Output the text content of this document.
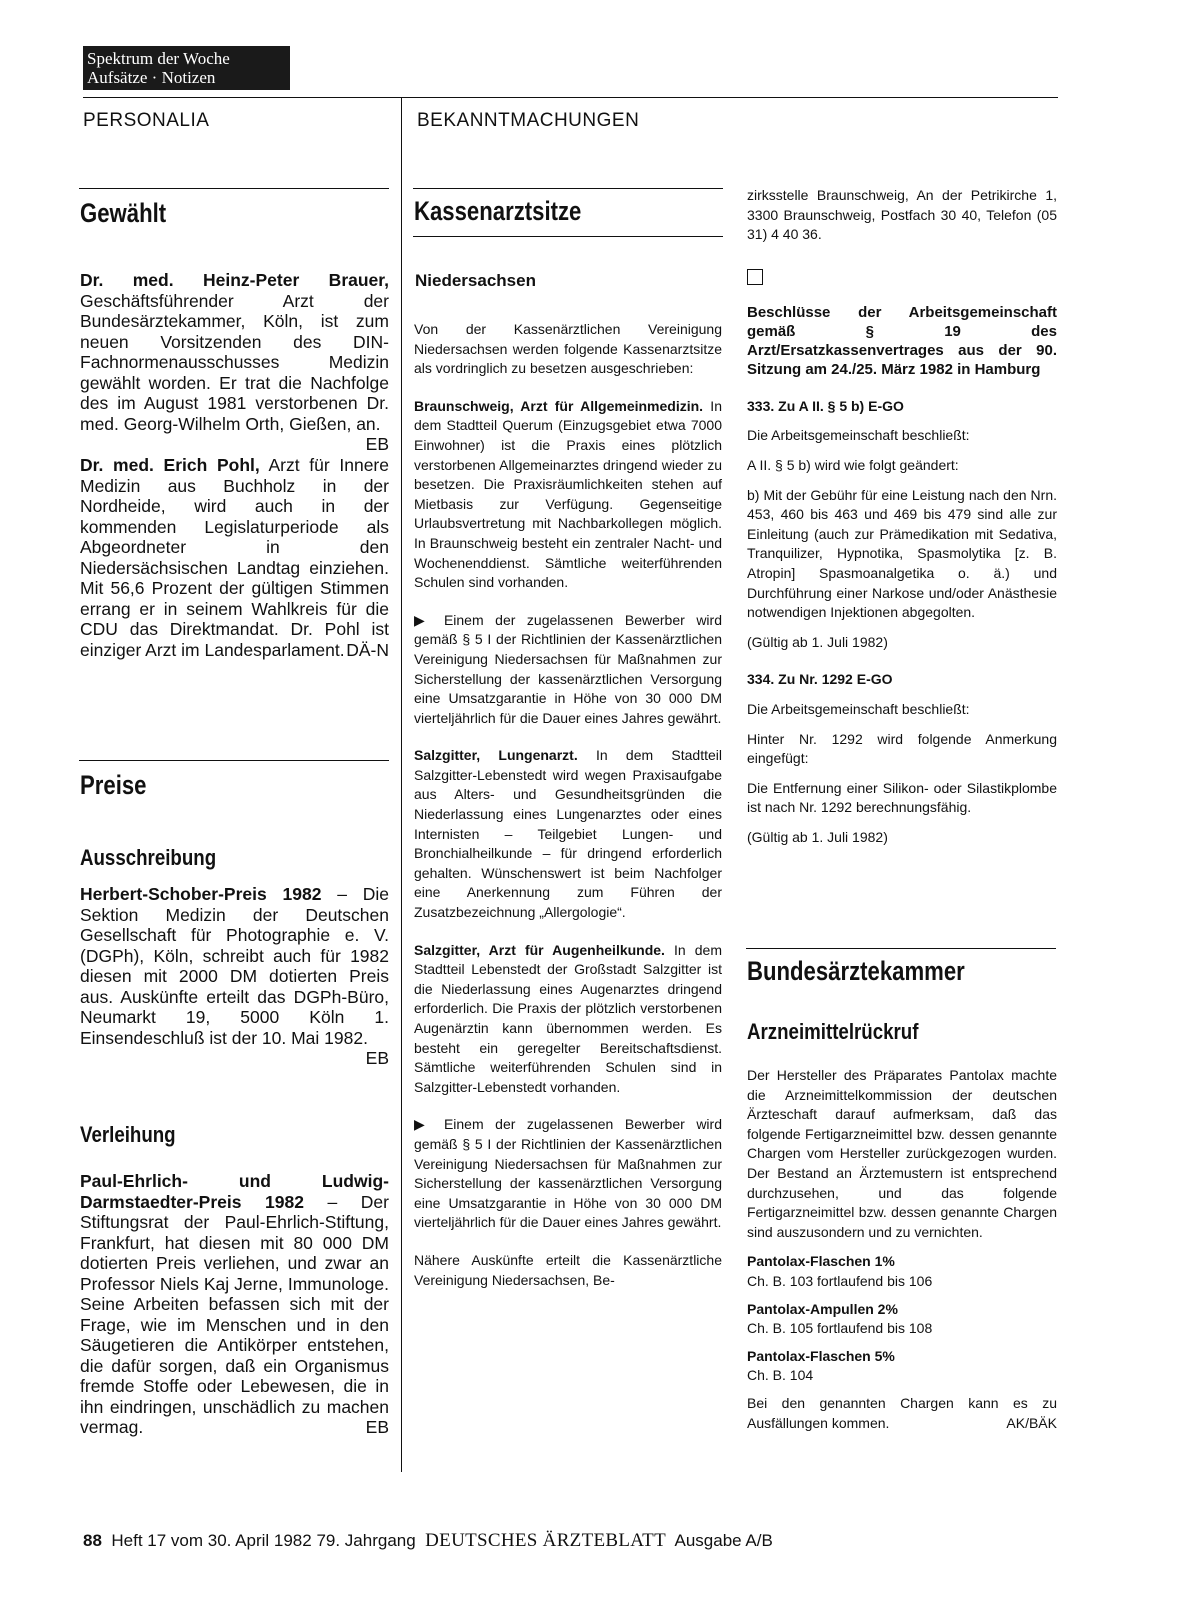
Spektrum der Woche
Aufsätze · Notizen
PERSONALIA	BEKANNTMACHUNGEN
Gewählt

Dr. med. Heinz-Peter Brauer, Geschäftsführender Arzt der Bundesärztekammer, Köln, ist zum neuen Vorsitzenden des DIN-Fachnormenausschusses Medizin gewählt worden. Er trat die Nachfolge des im August 1981 verstorbenen Dr. med. Georg-Wilhelm Orth, Gießen, an.
EB

Dr. med. Erich Pohl, Arzt für Innere Medizin aus Buchholz in der Nordheide, wird auch in der kommenden Legislaturperiode als Abgeordneter in den Niedersächsischen Landtag einziehen. Mit 56,6 Prozent der gültigen Stimmen errang er in seinem Wahlkreis für die CDU das Direktmandat. Dr. Pohl ist einziger Arzt im Landesparlament. DÄ-N

Preise
Ausschreibung

Herbert-Schober-Preis 1982 – Die Sektion Medizin der Deutschen Gesellschaft für Photographie e. V. (DGPh), Köln, schreibt auch für 1982 diesen mit 2000 DM dotierten Preis aus. Auskünfte erteilt das DGPh-Büro, Neumarkt 19, 5000 Köln 1. Einsendeschluß ist der 10. Mai 1982.
EB

Verleihung

Paul-Ehrlich- und Ludwig-Darmstaedter-Preis 1982 – Der Stiftungsrat der Paul-Ehrlich-Stiftung, Frankfurt, hat diesen mit 80 000 DM dotierten Preis verliehen, und zwar an Professor Niels Kaj Jerne, Immunologe. Seine Arbeiten befassen sich mit der Frage, wie im Menschen und in den Säugetieren die Antikörper entstehen, die dafür sorgen, daß ein Organismus fremde Stoffe oder Lebewesen, die in ihn eindringen, unschädlich zu machen vermag.	EB

Kassenarztsitze
Niedersachsen

Von der Kassenärztlichen Vereinigung Niedersachsen werden folgende Kassenarztsitze als vordringlich zu besetzen ausgeschrieben:

Braunschweig, Arzt für Allgemeinmedizin. In dem Stadtteil Querum (Einzugsgebiet etwa 7000 Einwohner) ist die Praxis eines plötzlich verstorbenen Allgemeinarztes dringend wieder zu besetzen. Die Praxisräumlichkeiten stehen auf Mietbasis zur Verfügung. Gegenseitige Urlaubsvertretung mit Nachbarkollegen möglich. In Braunschweig besteht ein zentraler Nacht- und Wochenenddienst. Sämtliche weiterführenden Schulen sind vorhanden.

▶ Einem der zugelassenen Bewerber wird gemäß § 5 I der Richtlinien der Kassenärztlichen Vereinigung Niedersachsen für Maßnahmen zur Sicherstellung der kassenärztlichen Versorgung eine Umsatzgarantie in Höhe von 30 000 DM vierteljährlich für die Dauer eines Jahres gewährt.

Salzgitter, Lungenarzt. In dem Stadtteil Salzgitter-Lebenstedt wird wegen Praxisaufgabe aus Alters- und Gesundheitsgründen die Niederlassung eines Lungenarztes oder eines Internisten – Teilgebiet Lungen- und Bronchialheilkunde – für dringend erforderlich gehalten. Wünschenswert ist beim Nachfolger eine Anerkennung zum Führen der Zusatzbezeichnung „Allergologie“.

Salzgitter, Arzt für Augenheilkunde. In dem Stadtteil Lebenstedt der Großstadt Salzgitter ist die Niederlassung eines Augenarztes dringend erforderlich. Die Praxis der plötzlich verstorbenen Augenärztin kann übernommen werden. Es besteht ein geregelter Bereitschaftsdienst. Sämtliche weiterführenden Schulen sind in Salzgitter-Lebenstedt vorhanden.

▶ Einem der zugelassenen Bewerber wird gemäß § 5 I der Richtlinien der Kassenärztlichen Vereinigung Niedersachsen für Maßnahmen zur Sicherstellung der kassenärztlichen Versorgung eine Umsatzgarantie in Höhe von 30 000 DM vierteljährlich für die Dauer eines Jahres gewährt.

Nähere Auskünfte erteilt die Kassenärztliche Vereinigung Niedersachsen, Be-

zirksstelle Braunschweig, An der Petrikirche 1, 3300 Braunschweig, Postfach 30 40, Telefon (05 31) 4 40 36.

Beschlüsse der Arbeitsgemeinschaft gemäß § 19 des Arzt/Ersatzkassenvertrages aus der 90. Sitzung am 24./25. März 1982 in Hamburg

333. Zu A II. § 5 b) E-GO

Die Arbeitsgemeinschaft beschließt:

A II. § 5 b) wird wie folgt geändert:

b) Mit der Gebühr für eine Leistung nach den Nrn. 453, 460 bis 463 und 469 bis 479 sind alle zur Einleitung (auch zur Prämedikation mit Sedativa, Tranquilizer, Hypnotika, Spasmolytika [z. B. Atropin] Spasmoanalgetika o. ä.) und Durchführung einer Narkose und/oder Anästhesie notwendigen Injektionen abgegolten.

(Gültig ab 1. Juli 1982)

334. Zu Nr. 1292 E-GO

Die Arbeitsgemeinschaft beschließt:

Hinter Nr. 1292 wird folgende Anmerkung eingefügt:

Die Entfernung einer Silikon- oder Silastikplombe ist nach Nr. 1292 berechnungsfähig.

(Gültig ab 1. Juli 1982)

Bundesärztekammer
Arzneimittelrückruf

Der Hersteller des Präparates Pantolax machte die Arzneimittelkommission der deutschen Ärzteschaft darauf aufmerksam, daß das folgende Fertigarzneimittel bzw. dessen genannte Chargen vom Hersteller zurückgezogen wurden. Der Bestand an Ärztemustern ist entsprechend durchzusehen, und das folgende Fertigarzneimittel bzw. dessen genannte Chargen sind auszusondern und zu vernichten.

Pantolax-Flaschen 1%
Ch. B. 103 fortlaufend bis 106

Pantolax-Ampullen 2%
Ch. B. 105 fortlaufend bis 108

Pantolax-Flaschen 5%
Ch. B. 104

Bei den genannten Chargen kann es zu Ausfällungen kommen.	AK/BÄK

88 Heft 17 vom 30. April 1982 79. Jahrgang DEUTSCHES ÄRZTEBLATT Ausgabe A/B
